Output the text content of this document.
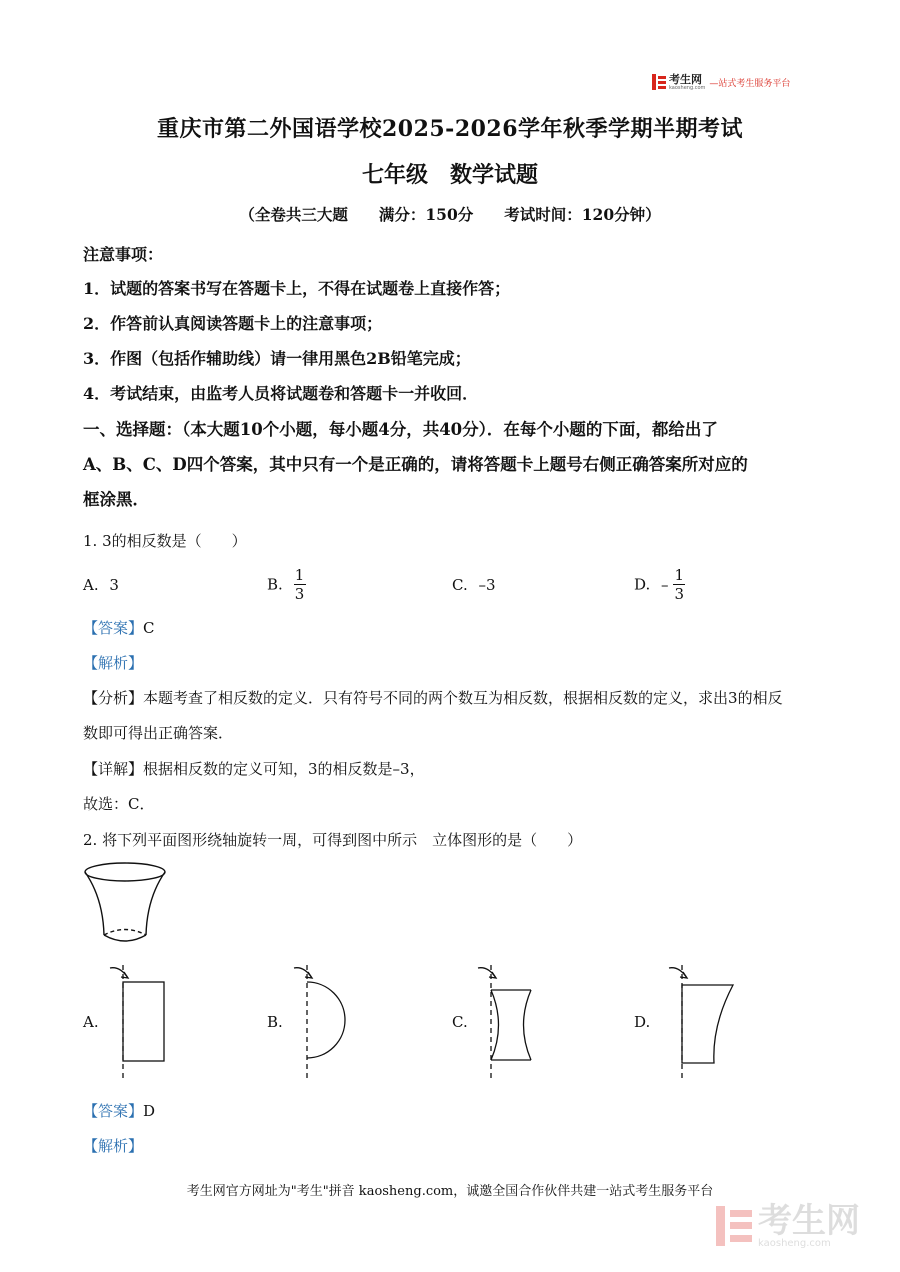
考生网
kaosheng.com —站式考生服务平台
重庆市第二外国语学校2025-2026学年秋季学期半期考试
七年级　数学试题
（全卷共三大题　　满分：150分　　考试时间：120分钟）
注意事项：
1．试题的答案书写在答题卡上，不得在试题卷上直接作答；
2．作答前认真阅读答题卡上的注意事项；
3．作图（包括作辅助线）请一律用黑色2B铅笔完成；
4．考试结束，由监考人员将试题卷和答题卡一并收回．
一、选择题：（本大题10个小题，每小题4分，共40分）．在每个小题的下面，都给出了
A、B、C、D四个答案，其中只有一个是正确的，请将答题卡上题号右侧正确答案所对应的
框涂黑．
1. 3的相反数是（　　）
A. 3	B. $\frac{1}{3}$	C. –3	D. – $\frac{1}{3}$
【答案】C
【解析】
【分析】本题考查了相反数的定义．只有符号不同的两个数互为相反数，根据相反数的定义，求出3的相反
数即可得出正确答案．
【详解】根据相反数的定义可知，3的相反数是–3，
故选：C．
2. 将下列平面图形绕轴旋转一周，可得到图中所示　立体图形的是（　　）
A.	B.	C.	D.
【答案】D
【解析】
考生网官方网址为"考生"拼音 kaosheng.com，诚邀全国合作伙伴共建一站式考生服务平台
考生网
kaosheng.com
